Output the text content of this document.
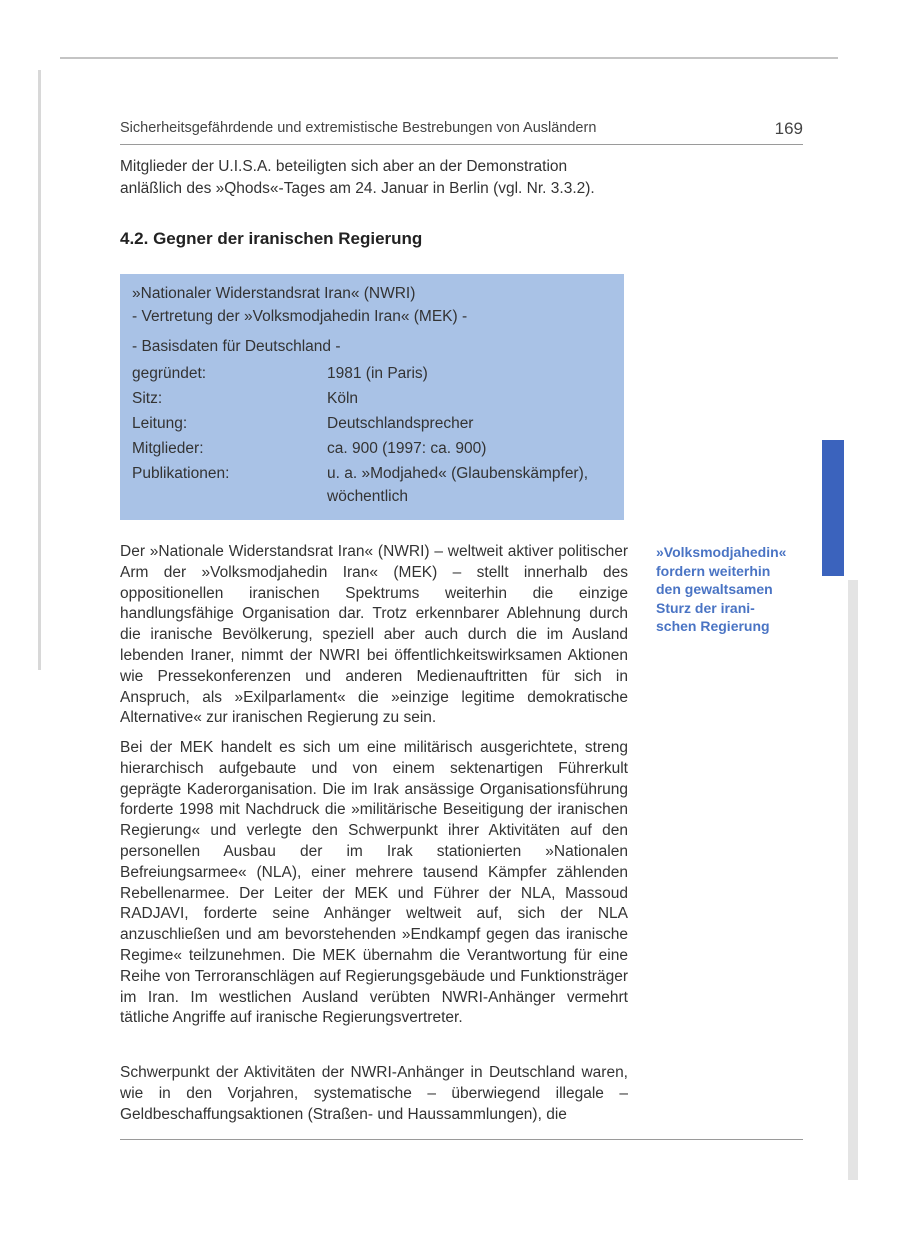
Sicherheitsgefährdende und extremistische Bestrebungen von Ausländern	169
Mitglieder der U.I.S.A. beteiligten sich aber an der Demonstration
anläßlich des »Qhods«-Tages am 24. Januar in Berlin (vgl. Nr. 3.3.2).
4.2. Gegner der iranischen Regierung
»Nationaler Widerstandsrat Iran« (NWRI)
- Vertretung der »Volksmodjahedin Iran« (MEK) -
- Basisdaten für Deutschland -
gegründet:	1981 (in Paris)
Sitz:	Köln
Leitung:	Deutschlandsprecher
Mitglieder:	ca. 900 (1997: ca. 900)
Publikationen:	u. a. »Modjahed« (Glaubenskämpfer), wöchentlich

Der »Nationale Widerstandsrat Iran« (NWRI) – weltweit aktiver politischer Arm der »Volksmodjahedin Iran« (MEK) – stellt innerhalb des oppositionellen iranischen Spektrums weiterhin die einzige handlungsfähige Organisation dar. Trotz erkennbarer Ablehnung durch die iranische Bevölkerung, speziell aber auch durch die im Ausland lebenden Iraner, nimmt der NWRI bei öffentlichkeitswirksamen Aktionen wie Pressekonferenzen und anderen Medienauftritten für sich in Anspruch, als »Exilparlament« die »einzige legitime demokratische Alternative« zur iranischen Regierung zu sein.

Bei der MEK handelt es sich um eine militärisch ausgerichtete, streng hierarchisch aufgebaute und von einem sektenartigen Führerkult geprägte Kaderorganisation. Die im Irak ansässige Organisationsführung forderte 1998 mit Nachdruck die »militärische Beseitigung der iranischen Regierung« und verlegte den Schwerpunkt ihrer Aktivitäten auf den personellen Ausbau der im Irak stationierten »Nationalen Befreiungsarmee« (NLA), einer mehrere tausend Kämpfer zählenden Rebellenarmee. Der Leiter der MEK und Führer der NLA, Massoud RADJAVI, forderte seine Anhänger weltweit auf, sich der NLA anzuschließen und am bevorstehenden »Endkampf gegen das iranische Regime« teilzunehmen. Die MEK übernahm die Verantwortung für eine Reihe von Terroranschlägen auf Regierungsgebäude und Funktionsträger im Iran. Im westlichen Ausland verübten NWRI-Anhänger vermehrt tätliche Angriffe auf iranische Regierungsvertreter.

Schwerpunkt der Aktivitäten der NWRI-Anhänger in Deutschland waren, wie in den Vorjahren, systematische – überwiegend illegale – Geldbeschaffungsaktionen (Straßen- und Haussammlungen), die

»Volksmodjahedin«
fordern weiterhin
den gewaltsamen
Sturz der irani-
schen Regierung
